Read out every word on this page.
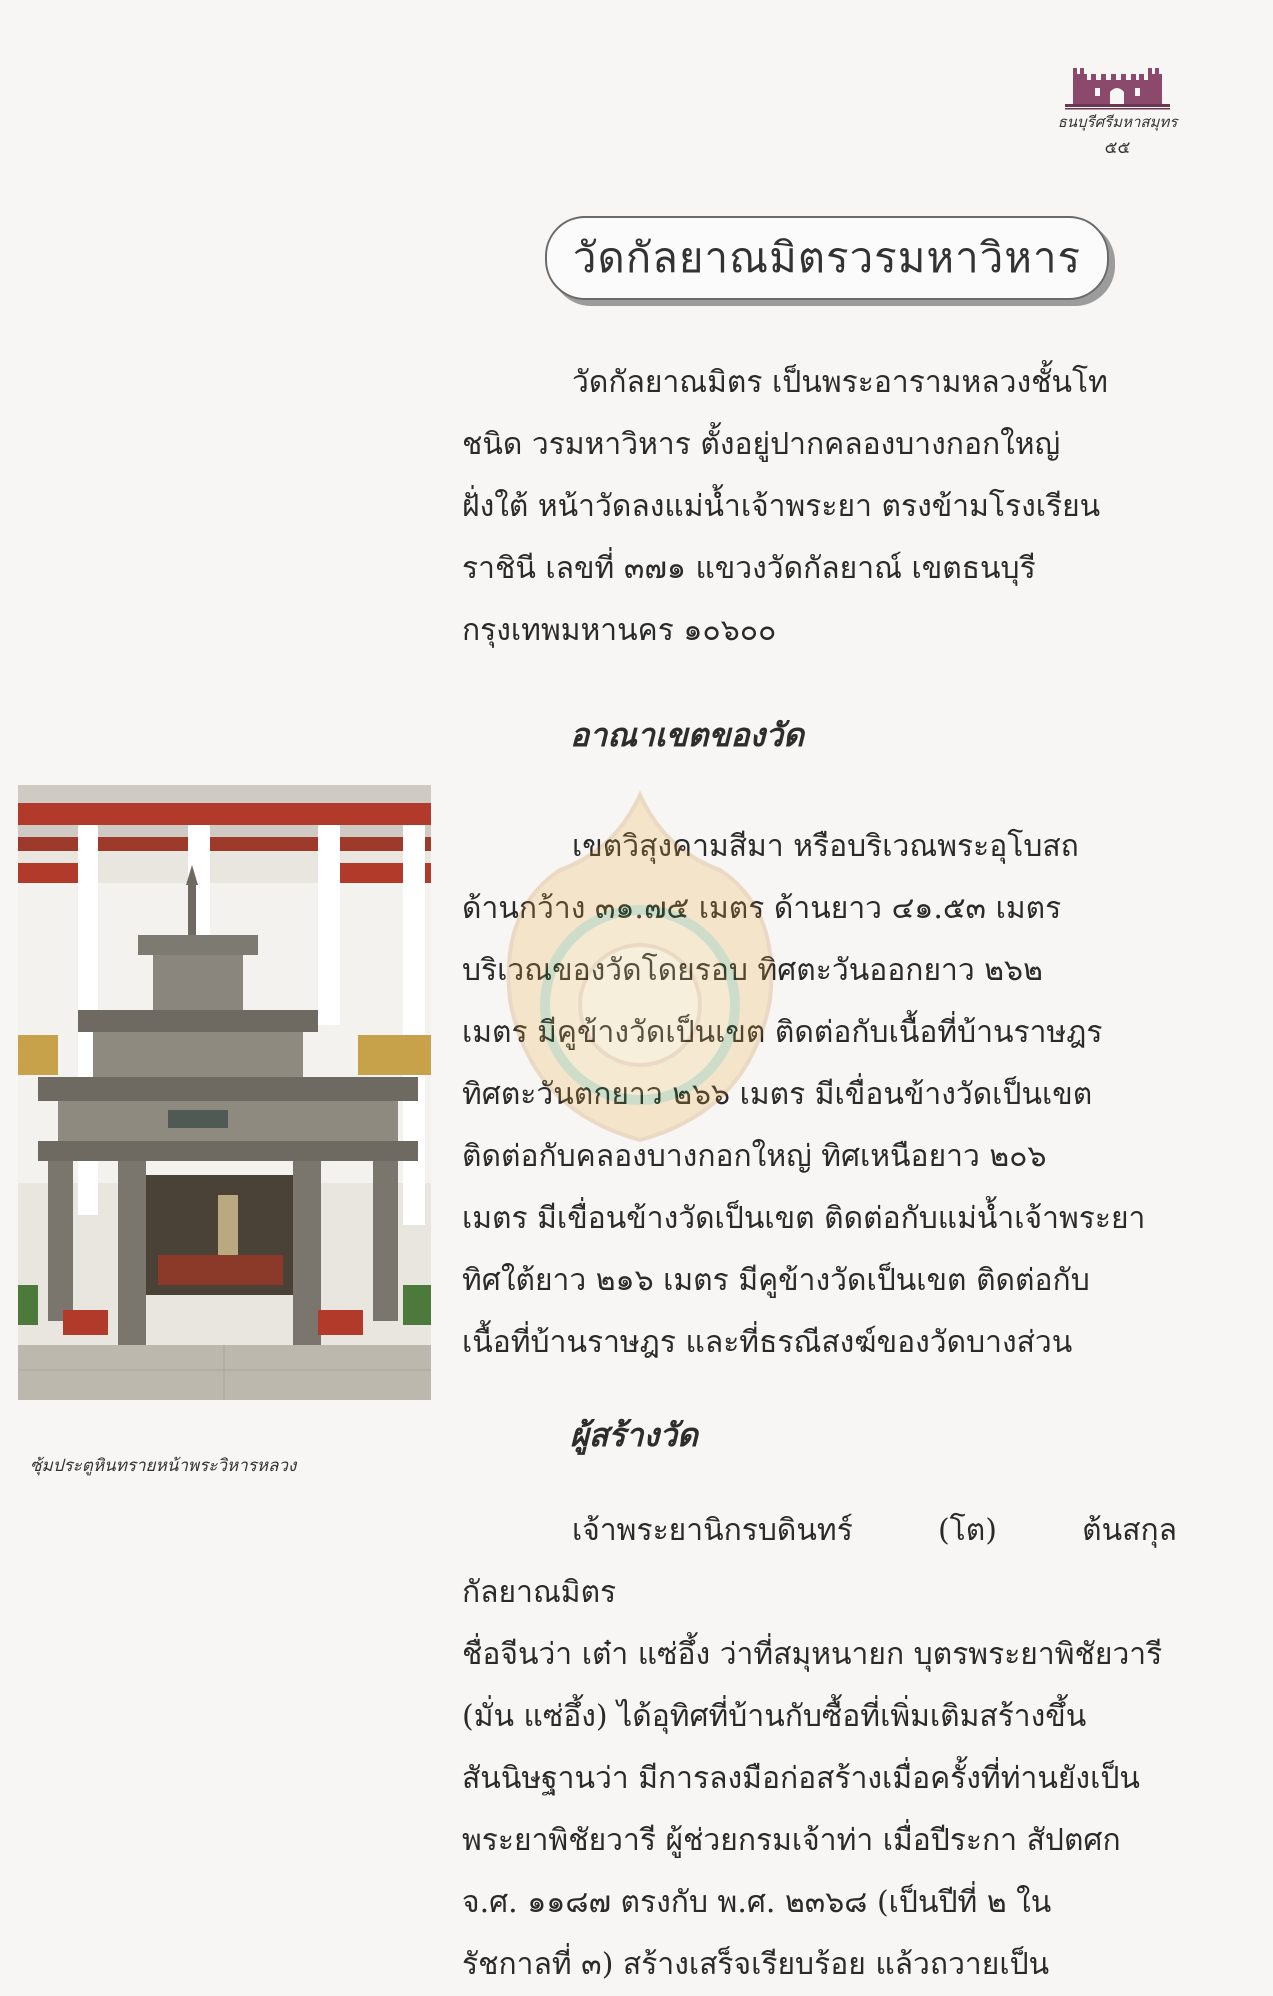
ธนบุรีศรีมหาสมุทร
๕๕
วัดกัลยาณมิตรวรมหาวิหาร
วัดกัลยาณมิตร เป็นพระอารามหลวงชั้นโท
ชนิด วรมหาวิหาร ตั้งอยู่ปากคลองบางกอกใหญ่
ฝั่งใต้ หน้าวัดลงแม่น้ำเจ้าพระยา ตรงข้ามโรงเรียน
ราชินี เลขที่ ๓๗๑ แขวงวัดกัลยาณ์ เขตธนบุรี
กรุงเทพมหานคร ๑๐๖๐๐
อาณาเขตของวัด
เขตวิสุงคามสีมา หรือบริเวณพระอุโบสถ
ด้านกว้าง ๓๑.๗๕ เมตร ด้านยาว ๔๑.๕๓ เมตร
บริเวณของวัดโดยรอบ ทิศตะวันออกยาว ๒๖๒
เมตร มีคูข้างวัดเป็นเขต ติดต่อกับเนื้อที่บ้านราษฎร
ทิศตะวันตกยาว ๒๖๖ เมตร มีเขื่อนข้างวัดเป็นเขต
ติดต่อกับคลองบางกอกใหญ่ ทิศเหนือยาว ๒๐๖
เมตร มีเขื่อนข้างวัดเป็นเขต ติดต่อกับแม่น้ำเจ้าพระยา
ทิศใต้ยาว ๒๑๖ เมตร มีคูข้างวัดเป็นเขต ติดต่อกับ
เนื้อที่บ้านราษฎร และที่ธรณีสงฆ์ของวัดบางส่วน
ผู้สร้างวัด
เจ้าพระยานิกรบดินทร์ (โต) ต้นสกุลกัลยาณมิตร
ชื่อจีนว่า เต๋า แซ่อึ้ง ว่าที่สมุหนายก บุตรพระยาพิชัยวารี
(มั่น แซ่อึ้ง) ได้อุทิศที่บ้านกับซื้อที่เพิ่มเติมสร้างขึ้น
สันนิษฐานว่า มีการลงมือก่อสร้างเมื่อครั้งที่ท่านยังเป็น
พระยาพิชัยวารี ผู้ช่วยกรมเจ้าท่า เมื่อปีระกา สัปตศก
จ.ศ. ๑๑๘๗ ตรงกับ พ.ศ. ๒๓๖๘ (เป็นปีที่ ๒ ใน
รัชกาลที่ ๓) สร้างเสร็จเรียบร้อย แล้วถวายเป็น
ซุ้มประตูหินทรายหน้าพระวิหารหลวง
